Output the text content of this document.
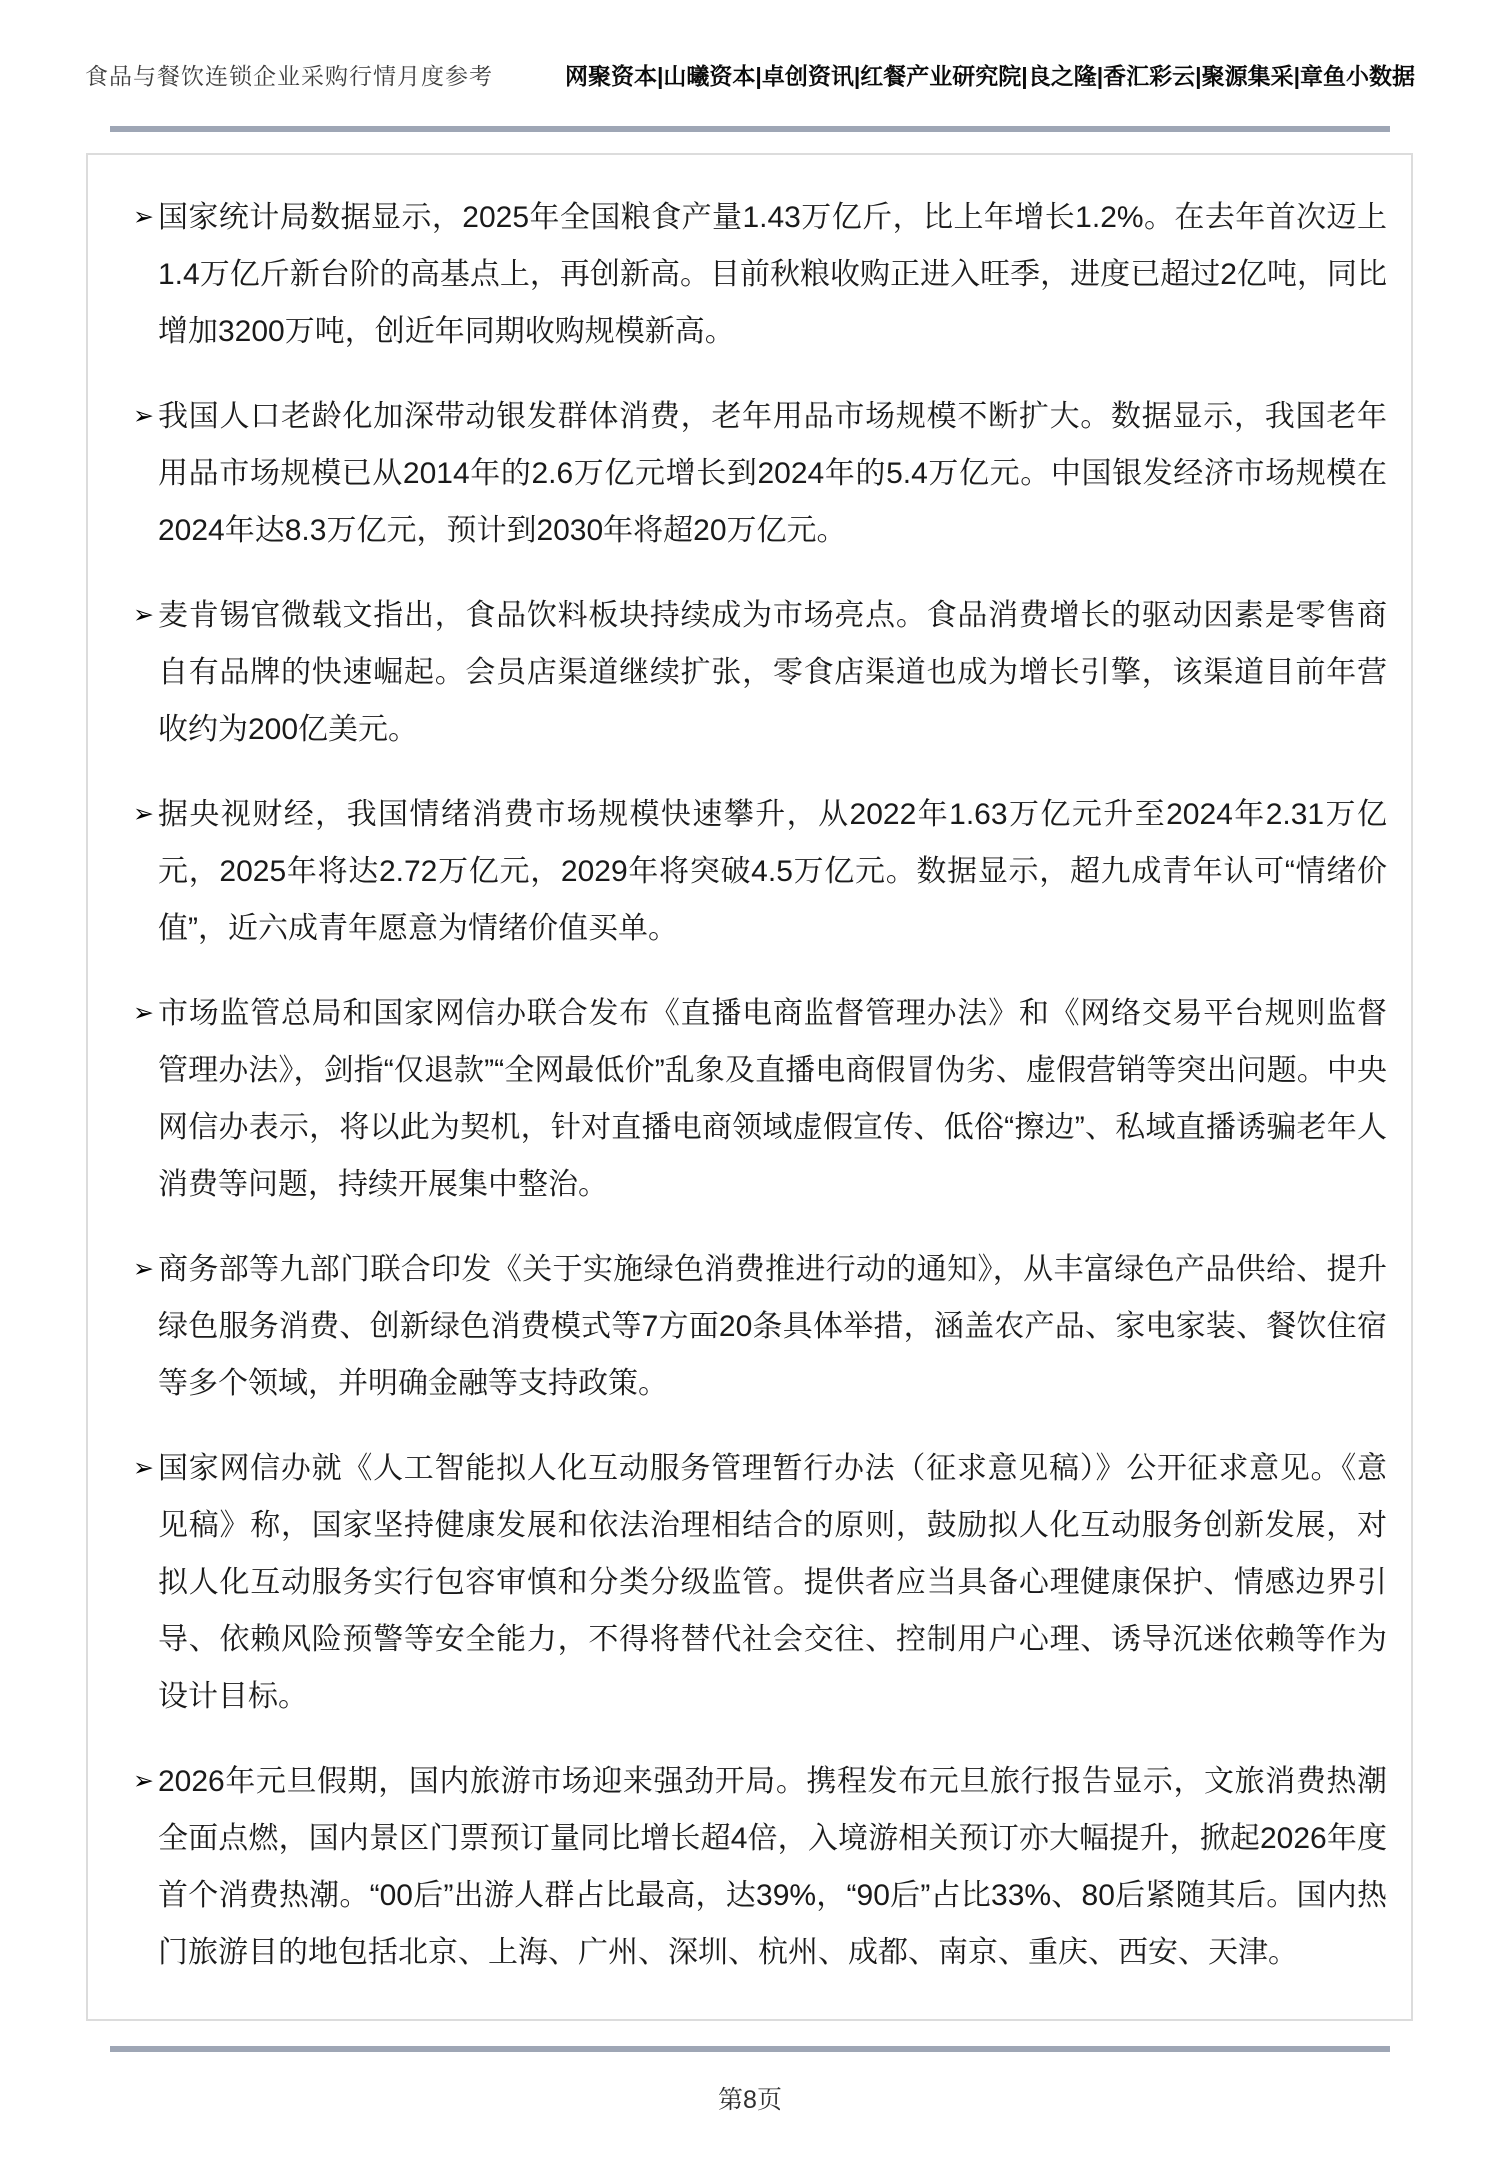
食品与餐饮连锁企业采购行情月度参考	网聚资本|山曦资本|卓创资讯|红餐产业研究院|良之隆|香汇彩云|聚源集采|章鱼小数据
➢ 国家统计局数据显示，2025年全国粮食产量1.43万亿斤，比上年增长1.2%。在去年首次迈上1.4万亿斤新台阶的高基点上，再创新高。目前秋粮收购正进入旺季，进度已超过2亿吨，同比增加3200万吨，创近年同期收购规模新高。
➢ 我国人口老龄化加深带动银发群体消费，老年用品市场规模不断扩大。数据显示，我国老年用品市场规模已从2014年的2.6万亿元增长到2024年的5.4万亿元。中国银发经济市场规模在2024年达8.3万亿元，预计到2030年将超20万亿元。
➢ 麦肯锡官微载文指出，食品饮料板块持续成为市场亮点。食品消费增长的驱动因素是零售商自有品牌的快速崛起。会员店渠道继续扩张，零食店渠道也成为增长引擎，该渠道目前年营收约为200亿美元。
➢ 据央视财经，我国情绪消费市场规模快速攀升，从2022年1.63万亿元升至2024年2.31万亿元，2025年将达2.72万亿元，2029年将突破4.5万亿元。数据显示，超九成青年认可“情绪价值”，近六成青年愿意为情绪价值买单。
➢ 市场监管总局和国家网信办联合发布《直播电商监督管理办法》和《网络交易平台规则监督管理办法》，剑指“仅退款”“全网最低价”乱象及直播电商假冒伪劣、虚假营销等突出问题。中央网信办表示，将以此为契机，针对直播电商领域虚假宣传、低俗“擦边”、私域直播诱骗老年人消费等问题，持续开展集中整治。
➢ 商务部等九部门联合印发《关于实施绿色消费推进行动的通知》，从丰富绿色产品供给、提升绿色服务消费、创新绿色消费模式等7方面20条具体举措，涵盖农产品、家电家装、餐饮住宿等多个领域，并明确金融等支持政策。
➢ 国家网信办就《人工智能拟人化互动服务管理暂行办法（征求意见稿）》公开征求意见。《意见稿》称，国家坚持健康发展和依法治理相结合的原则，鼓励拟人化互动服务创新发展，对拟人化互动服务实行包容审慎和分类分级监管。提供者应当具备心理健康保护、情感边界引导、依赖风险预警等安全能力，不得将替代社会交往、控制用户心理、诱导沉迷依赖等作为设计目标。
➢ 2026年元旦假期，国内旅游市场迎来强劲开局。携程发布元旦旅行报告显示，文旅消费热潮全面点燃，国内景区门票预订量同比增长超4倍，入境游相关预订亦大幅提升，掀起2026年度首个消费热潮。“00后”出游人群占比最高，达39%，“90后”占比33%、80后紧随其后。国内热门旅游目的地包括北京、上海、广州、深圳、杭州、成都、南京、重庆、西安、天津。
第8页
